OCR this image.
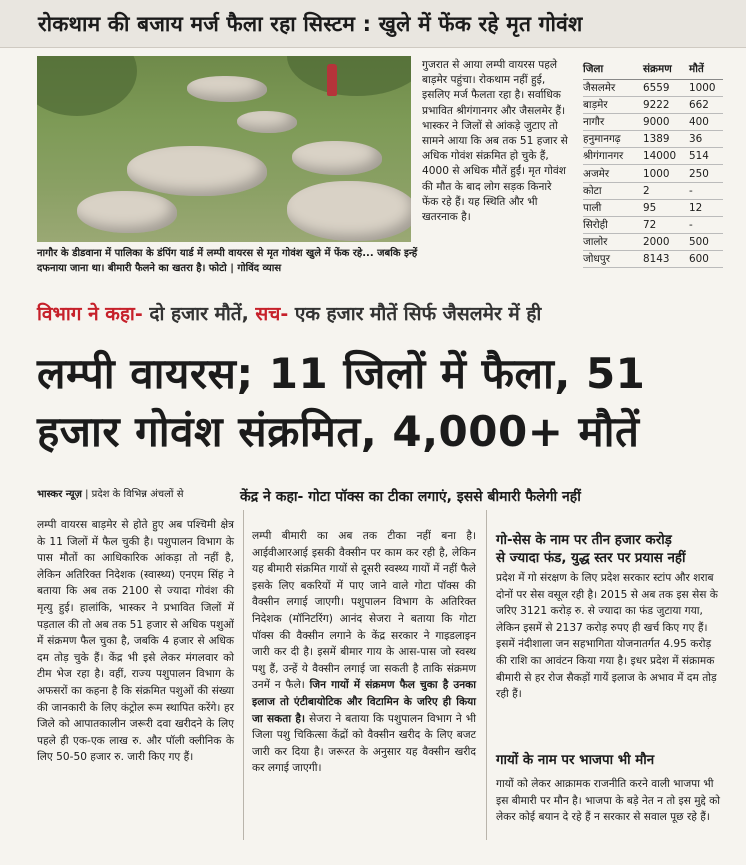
रोकथाम की बजाय मर्ज फैला रहा सिस्टम : खुले में फेंक रहे मृत गोवंश
नागौर के डीडवाना में पालिका के डंपिंग यार्ड में लम्पी वायरस से मृत गोवंश खुले में फेंक रहे... जबकि इन्हें दफनाया जाना था। बीमारी फैलने का खतरा है। फोटो | गोविंद व्यास
गुजरात से आया लम्पी वायरस पहले बाड़मेर पहुंचा। रोकथाम नहीं हुई, इसलिए मर्ज फैलता रहा है। सर्वाधिक प्रभावित श्रीगंगानगर और जैसलमेर हैं। भास्कर ने जिलों से आंकड़े जुटाए तो सामने आया कि अब तक 51 हजार से अधिक गोवंश संक्रमित हो चुके हैं, 4000 से अधिक मौतें हुईं। मृत गोवंश की मौत के बाद लोग सड़क किनारे फेंक रहे हैं। यह स्थिति और भी खतरनाक है।
जिला	संक्रमण	मौतें
जैसलमेर	6559	1000
बाड़मेर	9222	662
नागौर	9000	400
हनुमानगढ़	1389	36
श्रीगंगानगर	14000	514
अजमेर	1000	250
कोटा	2	-
पाली	95	12
सिरोही	72	-
जालोर	2000	500
जोधपुर	8143	600
विभाग ने कहा- दो हजार मौतें, सच- एक हजार मौतें सिर्फ जैसलमेर में ही
लम्पी वायरस; 11 जिलों में फैला, 51
हजार गोवंश संक्रमित, 4,000+ मौतें
भास्कर न्यूज़ | प्रदेश के विभिन्न अंचलों से	केंद्र ने कहा- गोटा पॉक्स का टीका लगाएं, इससे बीमारी फैलेगी नहीं
लम्पी वायरस बाड़मेर से होते हुए अब पश्चिमी क्षेत्र के 11 जिलों में फैल चुकी है। पशुपालन विभाग के पास मौतों का आधिकारिक आंकड़ा तो नहीं है, लेकिन अतिरिक्त निदेशक (स्वास्थ्य) एनएम सिंह ने बताया कि अब तक 2100 से ज्यादा गोवंश की मृत्यु हुई। हालांकि, भास्कर ने प्रभावित जिलों में पड़ताल की तो अब तक 51 हजार से अधिक पशुओं में संक्रमण फैल चुका है, जबकि 4 हजार से अधिक दम तोड़ चुके हैं। केंद्र भी इसे लेकर मंगलवार को टीम भेज रहा है। वहीं, राज्य पशुपालन विभाग के अफसरों का कहना है कि संक्रमित पशुओं की संख्या की जानकारी के लिए कंट्रोल रूम स्थापित करेंगे। हर जिले को आपातकालीन जरूरी दवा खरीदने के लिए पहले ही एक-एक लाख रु. और पॉली क्लीनिक के लिए 50-50 हजार रु. जारी किए गए हैं।
लम्पी बीमारी का अब तक टीका नहीं बना है। आईवीआरआई इसकी वैक्सीन पर काम कर रही है, लेकिन यह बीमारी संक्रमित गायों से दूसरी स्वस्थ्य गायों में नहीं फैले इसके लिए बकरियों में पाए जाने वाले गोटा पॉक्स की वैक्सीन लगाई जाएगी। पशुपालन विभाग के अतिरिक्त निदेशक (मॉनिटरिंग) आनंद सेजरा ने बताया कि गोटा पॉक्स की वैक्सीन लगाने के केंद्र सरकार ने गाइडलाइन जारी कर दी है। इसमें बीमार गाय के आस-पास जो स्वस्थ पशु हैं, उन्हें ये वैक्सीन लगाई जा सकती है ताकि संक्रमण उनमें न फैले। जिन गायों में संक्रमण फैल चुका है उनका इलाज तो एंटीबायोटिक और विटामिन के जरिए ही किया जा सकता है। सेजरा ने बताया कि पशुपालन विभाग ने भी जिला पशु चिकित्सा केंद्रों को वैक्सीन खरीद के लिए बजट जारी कर दिया है। जरूरत के अनुसार यह वैक्सीन खरीद कर लगाई जाएगी।
गो-सेस के नाम पर तीन हजार करोड़
से ज्यादा फंड, युद्ध स्तर पर प्रयास नहीं
प्रदेश में गो संरक्षण के लिए प्रदेश सरकार स्टांप और शराब दोनों पर सेस वसूल रही है। 2015 से अब तक इस सेस के जरिए 3121 करोड़ रु. से ज्यादा का फंड जुटाया गया, लेकिन इसमें से 2137 करोड़ रुपए ही खर्च किए गए हैं। इसमें नंदीशाला जन सहभागिता योजनातर्गत 4.95 करोड़ की राशि का आवंटन किया गया है। इधर प्रदेश में संक्रामक बीमारी से हर रोज सैकड़ों गायें इलाज के अभाव में दम तोड़ रही हैं।
गायों के नाम पर भाजपा भी मौन
गायों को लेकर आक्रामक राजनीति करने वाली भाजपा भी इस बीमारी पर मौन है। भाजपा के बड़े नेत न तो इस मुद्दे को लेकर कोई बयान दे रहे हैं न सरकार से सवाल पूछ रहे हैं।
